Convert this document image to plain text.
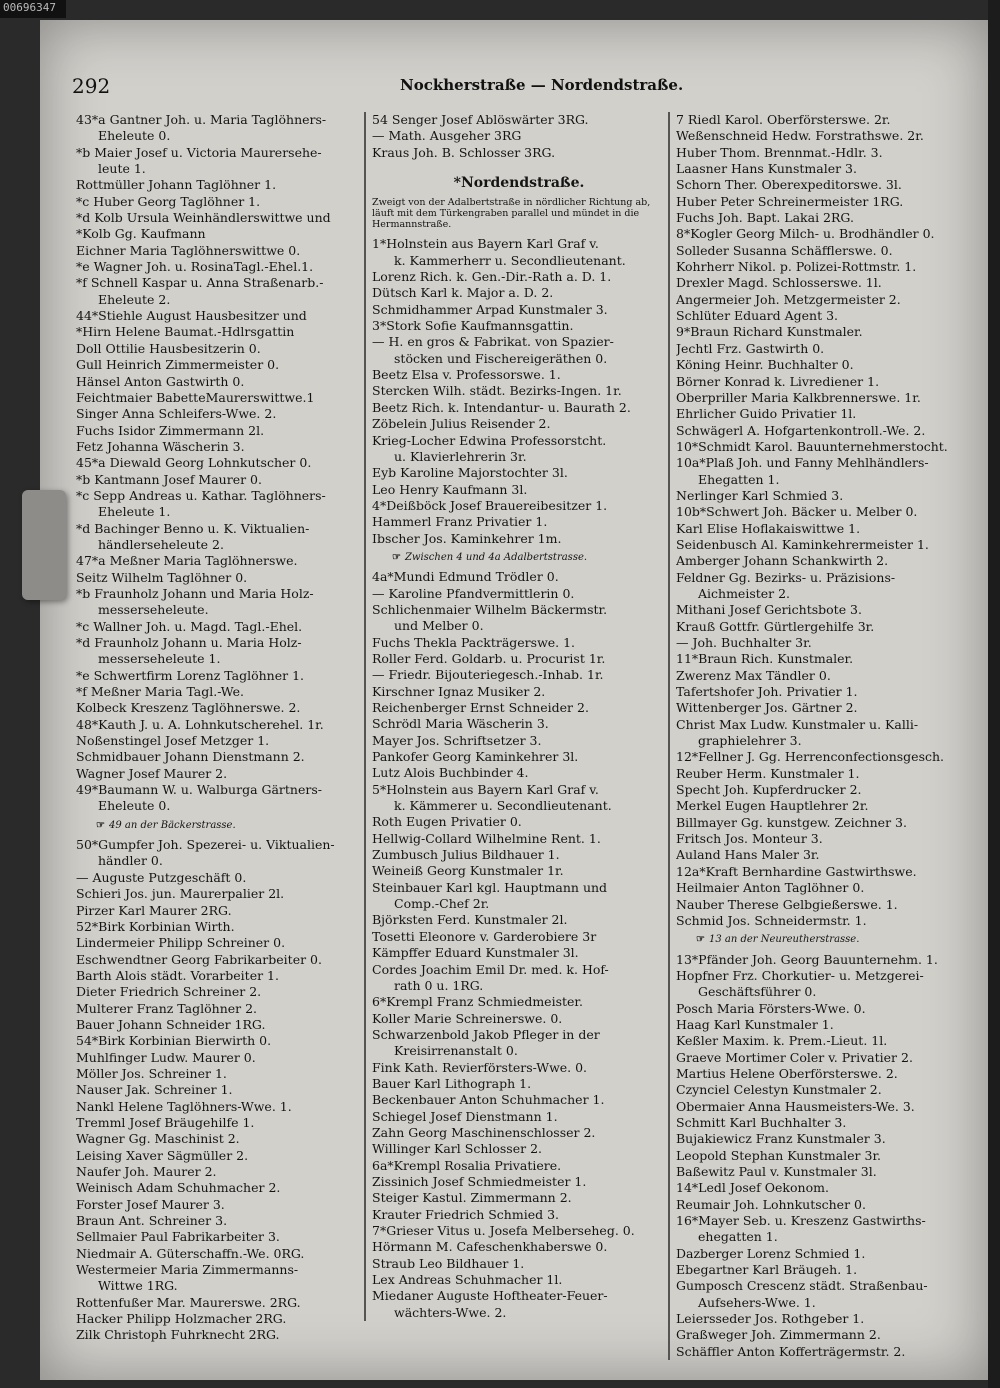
292	Nockherstraße — Nordendstraße.
43*a Gantner Joh. u. Maria Taglöhners-
Eheleute 0.
*b Maier Josef u. Victoria Maurersehe-
leute 1.
Rottmüller Johann Taglöhner 1.
*c Huber Georg Taglöhner 1.
*d Kolb Ursula Weinhändlerswittwe und
*Kolb Gg. Kaufmann
Eichner Maria Taglöhnerswittwe 0.
*e Wagner Joh. u. RosinaTagl.-Ehel.1.
*f Schnell Kaspar u. Anna Straßenarb.-
Eheleute 2.
44*Stiehle August Hausbesitzer und
*Hirn Helene Baumat.-Hdlrsgattin
Doll Ottilie Hausbesitzerin 0.
Gull Heinrich Zimmermeister 0.
Hänsel Anton Gastwirth 0.
Feichtmaier BabetteMaurerswittwe.1
Singer Anna Schleifers-Wwe. 2.
Fuchs Isidor Zimmermann 2l.
Fetz Johanna Wäscherin 3.
45*a Diewald Georg Lohnkutscher 0.
*b Kantmann Josef Maurer 0.
*c Sepp Andreas u. Kathar. Taglöhners-
Eheleute 1.
*d Bachinger Benno u. K. Viktualien-
händlerseheleute 2.
47*a Meßner Maria Taglöhnerswe.
Seitz Wilhelm Taglöhner 0.
*b Fraunholz Johann und Maria Holz-
messerseheleute.
*c Wallner Joh. u. Magd. Tagl.-Ehel.
*d Fraunholz Johann u. Maria Holz-
messerseheleute 1.
*e Schwertfirm Lorenz Taglöhner 1.
*f Meßner Maria Tagl.-We.
Kolbeck Kreszenz Taglöhnerswe. 2.
48*Kauth J. u. A. Lohnkutscherehel. 1r.
Noßenstingel Josef Metzger 1.
Schmidbauer Johann Dienstmann 2.
Wagner Josef Maurer 2.
49*Baumann W. u. Walburga Gärtners-
Eheleute 0.
☞ 49 an der Bäckerstrasse.
50*Gumpfer Joh. Spezerei- u. Viktualien-
händler 0.
— Auguste Putzgeschäft 0.
Schieri Jos. jun. Maurerpalier 2l.
Pirzer Karl Maurer 2RG.
52*Birk Korbinian Wirth.
Lindermeier Philipp Schreiner 0.
Eschwendtner Georg Fabrikarbeiter 0.
Barth Alois städt. Vorarbeiter 1.
Dieter Friedrich Schreiner 2.
Multerer Franz Taglöhner 2.
Bauer Johann Schneider 1RG.
54*Birk Korbinian Bierwirth 0.
Muhlfinger Ludw. Maurer 0.
Möller Jos. Schreiner 1.
Nauser Jak. Schreiner 1.
Nankl Helene Taglöhners-Wwe. 1.
Tremml Josef Bräugehilfe 1.
Wagner Gg. Maschinist 2.
Leising Xaver Sägmüller 2.
Naufer Joh. Maurer 2.
Weinisch Adam Schuhmacher 2.
Forster Josef Maurer 3.
Braun Ant. Schreiner 3.
Sellmaier Paul Fabrikarbeiter 3.
Niedmair A. Güterschaffn.-We. 0RG.
Westermeier Maria Zimmermanns-
Wittwe 1RG.
Rottenfußer Mar. Maurerswe. 2RG.
Hacker Philipp Holzmacher 2RG.
Zilk Christoph Fuhrknecht 2RG.
54 Senger Josef Ablöswärter 3RG.
— Math. Ausgeher 3RG
Kraus Joh. B. Schlosser 3RG.
*Nordendstraße.
Zweigt von der Adalbertstraße in nördlicher Richtung ab, läuft mit dem Türkengraben parallel und mündet in die Hermannstraße.
1*Holnstein aus Bayern Karl Graf v.
k. Kammerherr u. Secondlieutenant.
Lorenz Rich. k. Gen.-Dir.-Rath a. D. 1.
Dütsch Karl k. Major a. D. 2.
Schmidhammer Arpad Kunstmaler 3.
3*Stork Sofie Kaufmannsgattin.
— H. en gros & Fabrikat. von Spazier-
stöcken und Fischereigeräthen 0.
Beetz Elsa v. Professorswe. 1.
Stercken Wilh. städt. Bezirks-Ingen. 1r.
Beetz Rich. k. Intendantur- u. Baurath 2.
Zöbelein Julius Reisender 2.
Krieg-Locher Edwina Professorstcht.
u. Klavierlehrerin 3r.
Eyb Karoline Majorstochter 3l.
Leo Henry Kaufmann 3l.
4*Deißböck Josef Brauereibesitzer 1.
Hammerl Franz Privatier 1.
Ibscher Jos. Kaminkehrer 1m.
☞ Zwischen 4 und 4a Adalbertstrasse.
4a*Mundi Edmund Trödler 0.
— Karoline Pfandvermittlerin 0.
Schlichenmaier Wilhelm Bäckermstr.
und Melber 0.
Fuchs Thekla Packträgerswe. 1.
Roller Ferd. Goldarb. u. Procurist 1r.
— Friedr. Bijouteriegesch.-Inhab. 1r.
Kirschner Ignaz Musiker 2.
Reichenberger Ernst Schneider 2.
Schrödl Maria Wäscherin 3.
Mayer Jos. Schriftsetzer 3.
Pankofer Georg Kaminkehrer 3l.
Lutz Alois Buchbinder 4.
5*Holnstein aus Bayern Karl Graf v.
k. Kämmerer u. Secondlieutenant.
Roth Eugen Privatier 0.
Hellwig-Collard Wilhelmine Rent. 1.
Zumbusch Julius Bildhauer 1.
Weineiß Georg Kunstmaler 1r.
Steinbauer Karl kgl. Hauptmann und
Comp.-Chef 2r.
Björksten Ferd. Kunstmaler 2l.
Tosetti Eleonore v. Garderobiere 3r
Kämpffer Eduard Kunstmaler 3l.
Cordes Joachim Emil Dr. med. k. Hof-
rath 0 u. 1RG.
6*Krempl Franz Schmiedmeister.
Koller Marie Schreinerswe. 0.
Schwarzenbold Jakob Pfleger in der
Kreisirrenanstalt 0.
Fink Kath. Revierförsters-Wwe. 0.
Bauer Karl Lithograph 1.
Beckenbauer Anton Schuhmacher 1.
Schiegel Josef Dienstmann 1.
Zahn Georg Maschinenschlosser 2.
Willinger Karl Schlosser 2.
6a*Krempl Rosalia Privatiere.
Zissinich Josef Schmiedmeister 1.
Steiger Kastul. Zimmermann 2.
Krauter Friedrich Schmied 3.
7*Grieser Vitus u. Josefa Melberseheg. 0.
Hörmann M. Cafeschenkhaberswe 0.
Straub Leo Bildhauer 1.
Lex Andreas Schuhmacher 1l.
Miedaner Auguste Hoftheater-Feuer-
wächters-Wwe. 2.
7 Riedl Karol. Oberförsterswe. 2r.
Weßenschneid Hedw. Forstrathswe. 2r.
Huber Thom. Brennmat.-Hdlr. 3.
Laasner Hans Kunstmaler 3.
Schorn Ther. Oberexpeditorswe. 3l.
Huber Peter Schreinermeister 1RG.
Fuchs Joh. Bapt. Lakai 2RG.
8*Kogler Georg Milch- u. Brodhändler 0.
Solleder Susanna Schäfflerswe. 0.
Kohrherr Nikol. p. Polizei-Rottmstr. 1.
Drexler Magd. Schlosserswe. 1l.
Angermeier Joh. Metzgermeister 2.
Schlüter Eduard Agent 3.
9*Braun Richard Kunstmaler.
Jechtl Frz. Gastwirth 0.
Köning Heinr. Buchhalter 0.
Börner Konrad k. Livrediener 1.
Oberpriller Maria Kalkbrennerswe. 1r.
Ehrlicher Guido Privatier 1l.
Schwägerl A. Hofgartenkontroll.-We. 2.
10*Schmidt Karol. Bauunternehmerstocht.
10a*Plaß Joh. und Fanny Mehlhändlers-
Ehegatten 1.
Nerlinger Karl Schmied 3.
10b*Schwert Joh. Bäcker u. Melber 0.
Karl Elise Hoflakaiswittwe 1.
Seidenbusch Al. Kaminkehrermeister 1.
Amberger Johann Schankwirth 2.
Feldner Gg. Bezirks- u. Präzisions-
Aichmeister 2.
Mithani Josef Gerichtsbote 3.
Krauß Gottfr. Gürtlergehilfe 3r.
— Joh. Buchhalter 3r.
11*Braun Rich. Kunstmaler.
Zwerenz Max Tändler 0.
Tafertshofer Joh. Privatier 1.
Wittenberger Jos. Gärtner 2.
Christ Max Ludw. Kunstmaler u. Kalli-
graphielehrer 3.
12*Fellner J. Gg. Herrenconfectionsgesch.
Reuber Herm. Kunstmaler 1.
Specht Joh. Kupferdrucker 2.
Merkel Eugen Hauptlehrer 2r.
Billmayer Gg. kunstgew. Zeichner 3.
Fritsch Jos. Monteur 3.
Auland Hans Maler 3r.
12a*Kraft Bernhardine Gastwirthswe.
Heilmaier Anton Taglöhner 0.
Nauber Therese Gelbgießerswe. 1.
Schmid Jos. Schneidermstr. 1.
☞ 13 an der Neureutherstrasse.
13*Pfänder Joh. Georg Bauunternehm. 1.
Hopfner Frz. Chorkutier- u. Metzgerei-
Geschäftsführer 0.
Posch Maria Försters-Wwe. 0.
Haag Karl Kunstmaler 1.
Keßler Maxim. k. Prem.-Lieut. 1l.
Graeve Mortimer Coler v. Privatier 2.
Martius Helene Oberförsterswe. 2.
Czynciel Celestyn Kunstmaler 2.
Obermaier Anna Hausmeisters-We. 3.
Schmitt Karl Buchhalter 3.
Bujakiewicz Franz Kunstmaler 3.
Leopold Stephan Kunstmaler 3r.
Baßewitz Paul v. Kunstmaler 3l.
14*Ledl Josef Oekonom.
Reumair Joh. Lohnkutscher 0.
16*Mayer Seb. u. Kreszenz Gastwirths-
ehegatten 1.
Dazberger Lorenz Schmied 1.
Ebegartner Karl Bräugeh. 1.
Gumposch Crescenz städt. Straßenbau-
Aufsehers-Wwe. 1.
Leiersseder Jos. Rothgeber 1.
Graßweger Joh. Zimmermann 2.
Schäffler Anton Kofferträgermstr. 2.
00696347
